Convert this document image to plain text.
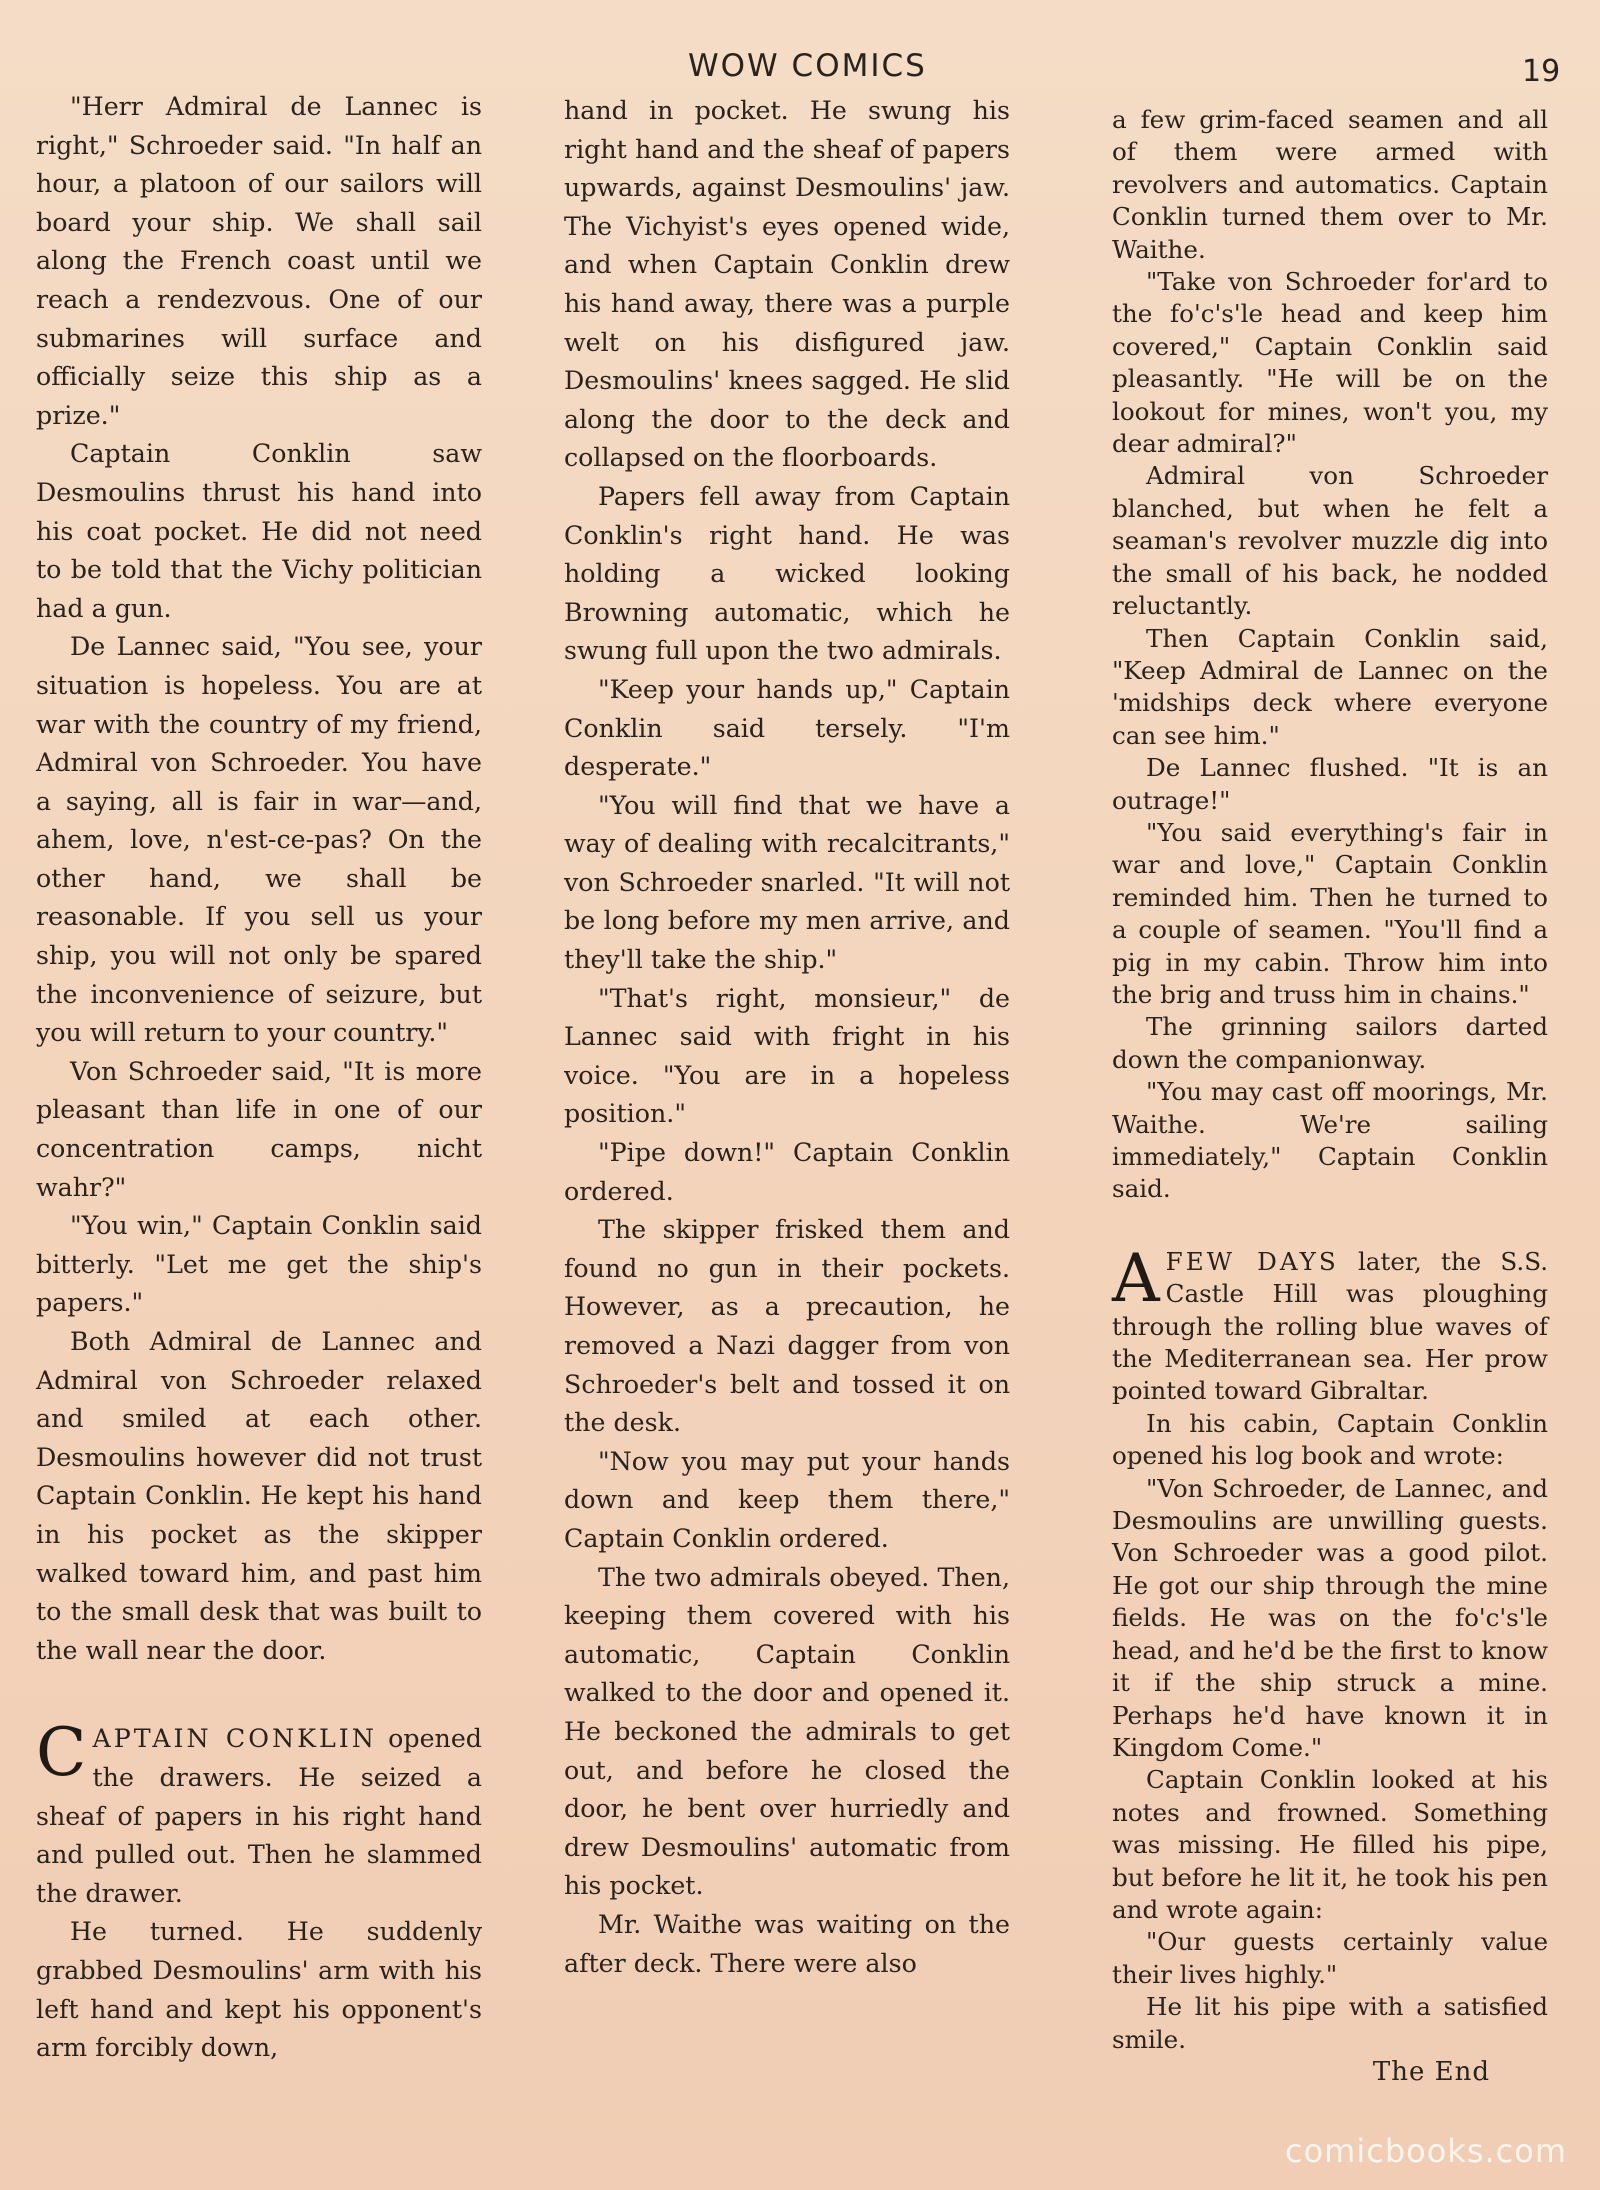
WOW COMICS	19

"Herr Admiral de Lannec is right," Schroeder said. "In half an hour, a platoon of our sailors will board your ship. We shall sail along the French coast until we reach a rendezvous. One of our submarines will surface and officially seize this ship as a prize."

Captain Conklin saw Desmoulins thrust his hand into his coat pocket. He did not need to be told that the Vichy politician had a gun.

De Lannec said, "You see, your situation is hopeless. You are at war with the country of my friend, Admiral von Schroeder. You have a saying, all is fair in war—and, ahem, love, n'est-ce-pas? On the other hand, we shall be reasonable. If you sell us your ship, you will not only be spared the inconvenience of seizure, but you will return to your country."

Von Schroeder said, "It is more pleasant than life in one of our concentration camps, nicht wahr?"

"You win," Captain Conklin said bitterly. "Let me get the ship's papers."

Both Admiral de Lannec and Admiral von Schroeder relaxed and smiled at each other. Desmoulins however did not trust Captain Conklin. He kept his hand in his pocket as the skipper walked toward him, and past him to the small desk that was built to the wall near the door.

C APTAIN CONKLIN opened the drawers. He seized a sheaf of papers in his right hand and pulled out. Then he slammed the drawer.

He turned. He suddenly grabbed Desmoulins' arm with his left hand and kept his opponent's arm forcibly down,

hand in pocket. He swung his right hand and the sheaf of papers upwards, against Desmoulins' jaw. The Vichyist's eyes opened wide, and when Captain Conklin drew his hand away, there was a purple welt on his disfigured jaw. Desmoulins' knees sagged. He slid along the door to the deck and collapsed on the floorboards.

Papers fell away from Captain Conklin's right hand. He was holding a wicked looking Browning automatic, which he swung full upon the two admirals.

"Keep your hands up," Captain Conklin said tersely. "I'm desperate."

"You will find that we have a way of dealing with recalcitrants," von Schroeder snarled. "It will not be long before my men arrive, and they'll take the ship."

"That's right, monsieur," de Lannec said with fright in his voice. "You are in a hopeless position."

"Pipe down!" Captain Conklin ordered.

The skipper frisked them and found no gun in their pockets. However, as a precaution, he removed a Nazi dagger from von Schroeder's belt and tossed it on the desk.

"Now you may put your hands down and keep them there," Captain Conklin ordered.

The two admirals obeyed. Then, keeping them covered with his automatic, Captain Conklin walked to the door and opened it. He beckoned the admirals to get out, and before he closed the door, he bent over hurriedly and drew Desmoulins' automatic from his pocket.

Mr. Waithe was waiting on the after deck. There were also

a few grim-faced seamen and all of them were armed with revolvers and automatics. Captain Conklin turned them over to Mr. Waithe.

"Take von Schroeder for'ard to the fo'c's'le head and keep him covered," Captain Conklin said pleasantly. "He will be on the lookout for mines, won't you, my dear admiral?"

Admiral von Schroeder blanched, but when he felt a seaman's revolver muzzle dig into the small of his back, he nodded reluctantly.

Then Captain Conklin said, "Keep Admiral de Lannec on the 'midships deck where everyone can see him."

De Lannec flushed. "It is an outrage!"

"You said everything's fair in war and love," Captain Conklin reminded him. Then he turned to a couple of seamen. "You'll find a pig in my cabin. Throw him into the brig and truss him in chains."

The grinning sailors darted down the companionway.

"You may cast off moorings, Mr. Waithe. We're sailing immediately," Captain Conklin said.

A FEW DAYS later, the S.S. Castle Hill was ploughing through the rolling blue waves of the Mediterranean sea. Her prow pointed toward Gibraltar.

In his cabin, Captain Conklin opened his log book and wrote:

"Von Schroeder, de Lannec, and Desmoulins are unwilling guests. Von Schroeder was a good pilot. He got our ship through the mine fields. He was on the fo'c's'le head, and he'd be the first to know it if the ship struck a mine. Perhaps he'd have known it in Kingdom Come."

Captain Conklin looked at his notes and frowned. Something was missing. He filled his pipe, but before he lit it, he took his pen and wrote again:

"Our guests certainly value their lives highly."

He lit his pipe with a satisfied smile.

The End

comicbooks.com
